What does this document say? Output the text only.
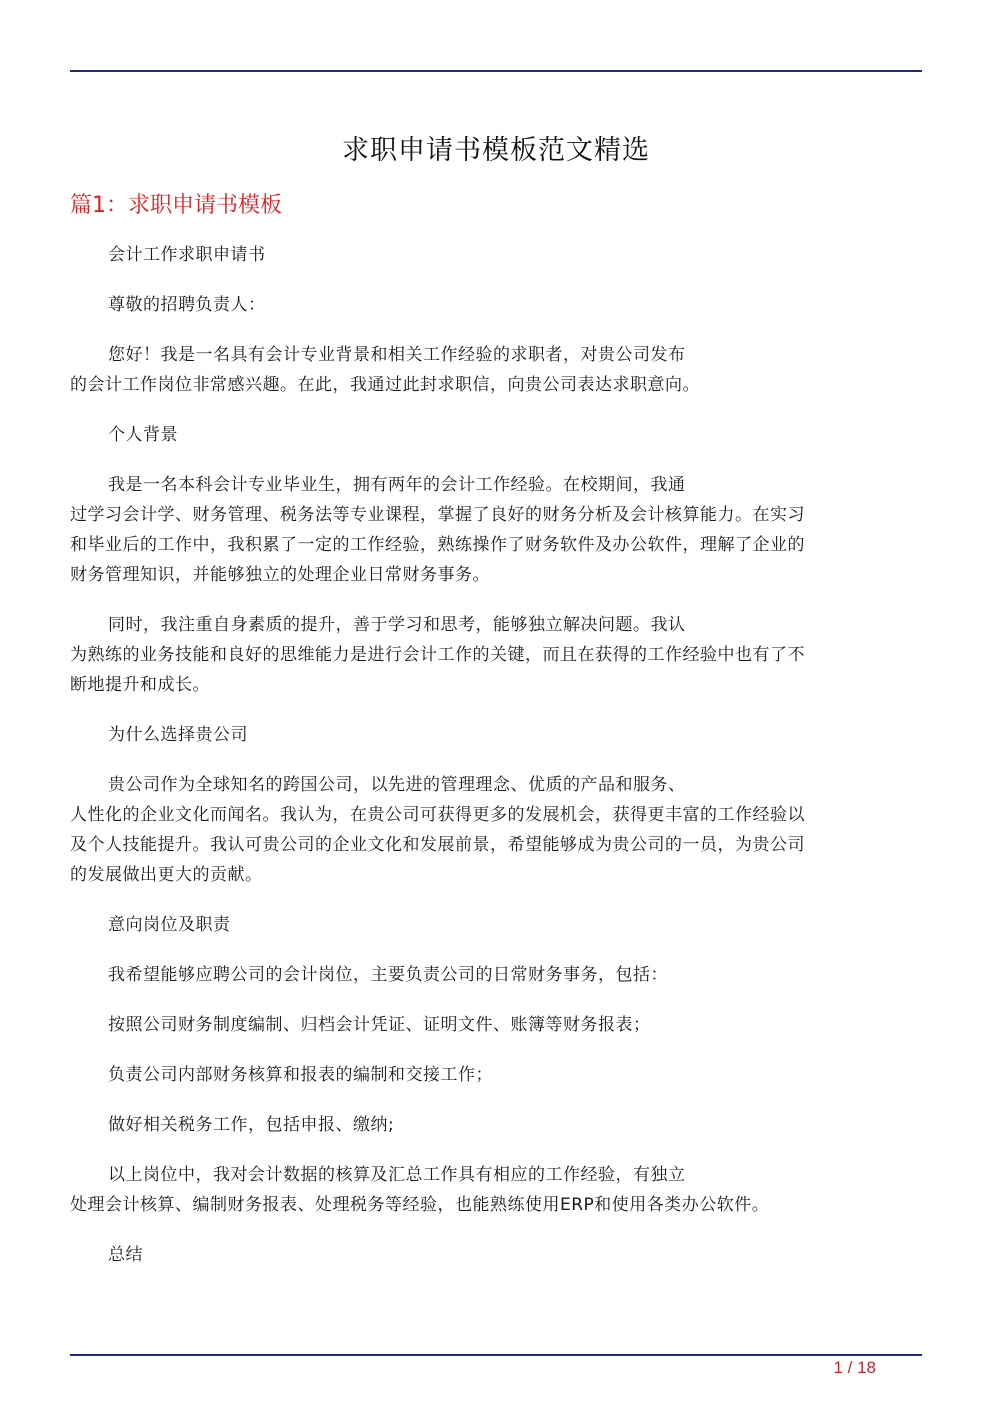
求职申请书模板范文精选
篇1：求职申请书模板

会计工作求职申请书

尊敬的招聘负责人：

您好！我是一名具有会计专业背景和相关工作经验的求职者，对贵公司发布
的会计工作岗位非常感兴趣。在此，我通过此封求职信，向贵公司表达求职意向。

个人背景

我是一名本科会计专业毕业生，拥有两年的会计工作经验。在校期间，我通
过学习会计学、财务管理、税务法等专业课程，掌握了良好的财务分析及会计核算能力。在实习
和毕业后的工作中，我积累了一定的工作经验，熟练操作了财务软件及办公软件，理解了企业的
财务管理知识，并能够独立的处理企业日常财务事务。

同时，我注重自身素质的提升，善于学习和思考，能够独立解决问题。我认
为熟练的业务技能和良好的思维能力是进行会计工作的关键，而且在获得的工作经验中也有了不
断地提升和成长。

为什么选择贵公司

贵公司作为全球知名的跨国公司，以先进的管理理念、优质的产品和服务、
人性化的企业文化而闻名。我认为，在贵公司可获得更多的发展机会，获得更丰富的工作经验以
及个人技能提升。我认可贵公司的企业文化和发展前景，希望能够成为贵公司的一员，为贵公司
的发展做出更大的贡献。

意向岗位及职责

我希望能够应聘公司的会计岗位，主要负责公司的日常财务事务，包括：

按照公司财务制度编制、归档会计凭证、证明文件、账簿等财务报表；

负责公司内部财务核算和报表的编制和交接工作；

做好相关税务工作，包括申报、缴纳;

以上岗位中，我对会计数据的核算及汇总工作具有相应的工作经验，有独立
处理会计核算、编制财务报表、处理税务等经验，也能熟练使用ERP和使用各类办公软件。

总结

1 / 18
